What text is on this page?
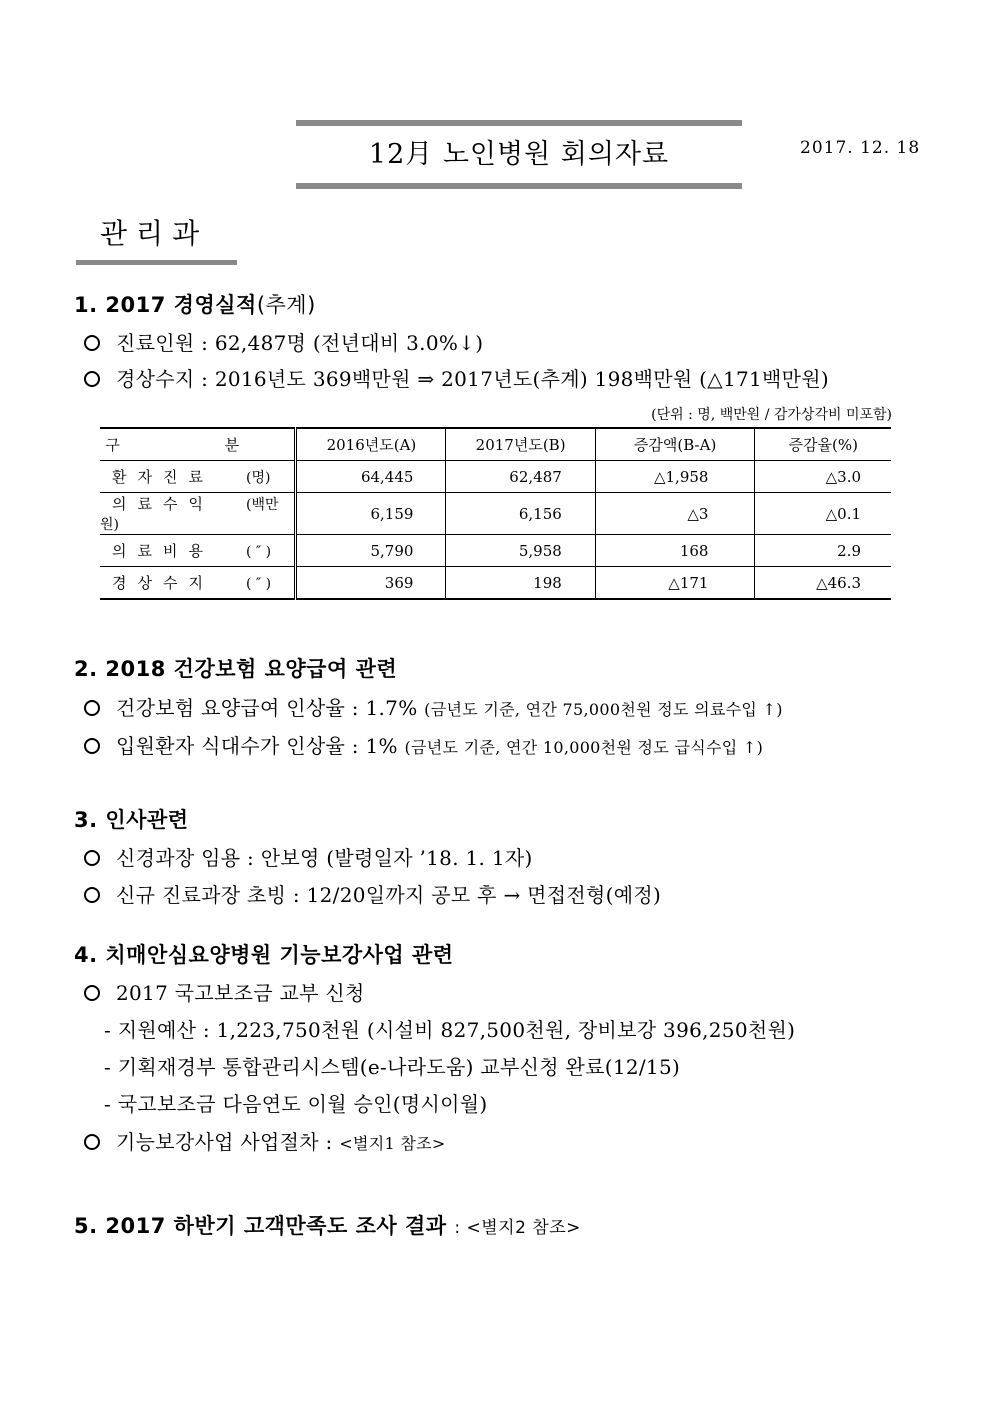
12月 노인병원 회의자료	2017. 12. 18
관리과
1. 2017 경영실적(추계)
진료인원 : 62,487명 (전년대비 3.0%↓)
경상수지 : 2016년도 369백만원 ⇒ 2017년도(추계) 198백만원 (△171백만원)
(단위 : 명, 백만원 / 감가상각비 미포함)
구 분	2016년도(A)	2017년도(B)	증감액(B-A)	증감율(%)
환자진료 (명)	64,445	62,487	△1,958	△3.0
의료수익 (백만원)	6,159	6,156	△3	△0.1
의료비용 ( ″ )	5,790	5,958	168	2.9
경상수지 ( ″ )	369	198	△171	△46.3
2. 2018 건강보험 요양급여 관련
건강보험 요양급여 인상율 : 1.7% (금년도 기준, 연간 75,000천원 정도 의료수입 ↑)
입원환자 식대수가 인상율 : 1% (금년도 기준, 연간 10,000천원 정도 급식수입 ↑)
3. 인사관련
신경과장 임용 : 안보영 (발령일자 ’18. 1. 1자)
신규 진료과장 초빙 : 12/20일까지 공모 후 → 면접전형(예정)
4. 치매안심요양병원 기능보강사업 관련
2017 국고보조금 교부 신청
- 지원예산 : 1,223,750천원 (시설비 827,500천원, 장비보강 396,250천원)
- 기획재경부 통합관리시스템(e-나라도움) 교부신청 완료(12/15)
- 국고보조금 다음연도 이월 승인(명시이월)
기능보강사업 사업절차 : <별지1 참조>
5. 2017 하반기 고객만족도 조사 결과 : <별지2 참조>
